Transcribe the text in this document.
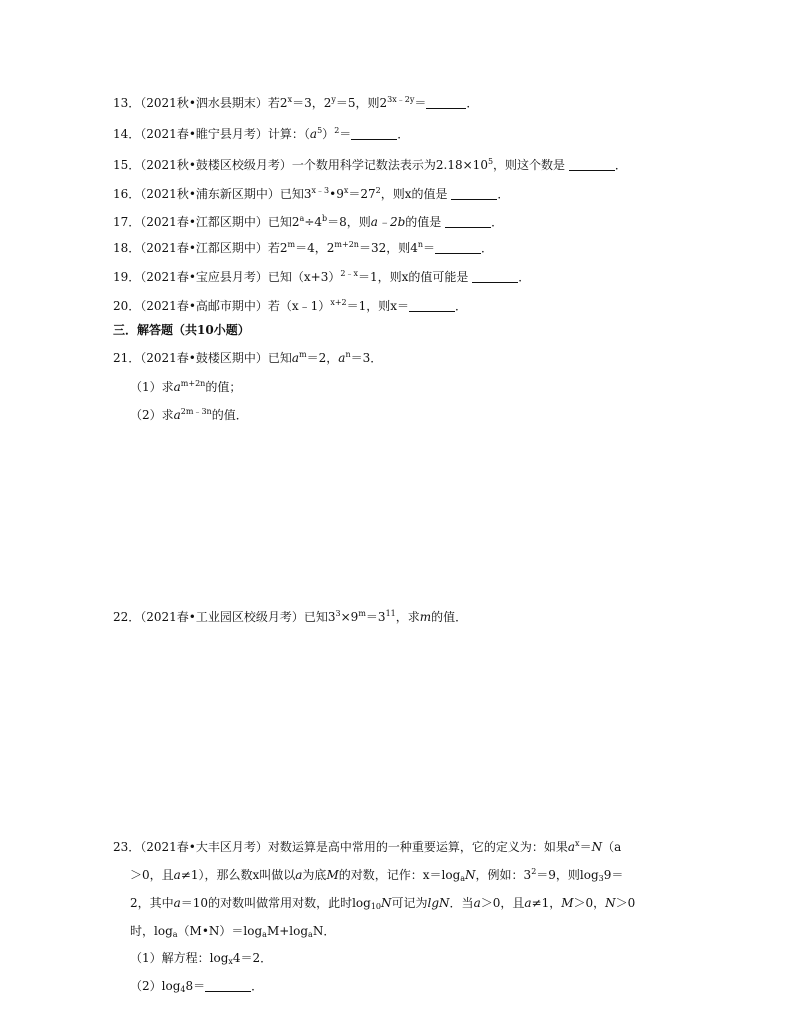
13．（2021秋•泗水县期末）若$2^x=3$，$2^y=5$，则$2^{3x﹣2y}=$	．
14．（2021春•睢宁县月考）计算：$(a^5)^2=$	．
15．（2021秋•鼓楼区校级月考）一个数用科学记数法表示为$2.18\times 10^5$，则这个数是	．
16．（2021秋•浦东新区期中）已知$3^{x﹣3}•9^x=27^2$，则x的值是	．
17．（2021春•江都区期中）已知$2^a\div 4^b=8$，则a﹣2b的值是	．
18．（2021春•江都区期中）若$2^m=4$，$2^{m+2n}=32$，则$4^n=$	．
19．（2021春•宝应县月考）已知$(x+3)^{2﹣x}=1$，则x的值可能是	．
20．（2021春•高邮市期中）若（x﹣1）$^{x+2}$＝1，则x＝	．
三．解答题（共10小题）
21．（2021春•鼓楼区期中）已知$a^m=2$，$a^n=3$．
（1）求$a^{m+2n}$的值；
（2）求$a^{2m﹣3n}$的值．
22．（2021春•工业园区校级月考）已知$3^3\times 9^m=3^{11}$，求m的值．
23．（2021春•大丰区月考）对数运算是高中常用的一种重要运算，它的定义为：如果$a^x=N(a$
＞0，且a≠1），那么数x叫做以a为底M的对数，记作：$x=\log_aN$，例如：$3^2=9$，则$\log_39=$
2，其中a＝10的对数叫做常用对数，此时$\log_{10}N$可记为lgN．当a＞0，且a≠1，M＞0，N＞0
时，$\log_a(M•N)=\log_aM+\log_aN$．
（1）解方程：$\log_x4=2$．
$(2)\log_48=$	．
